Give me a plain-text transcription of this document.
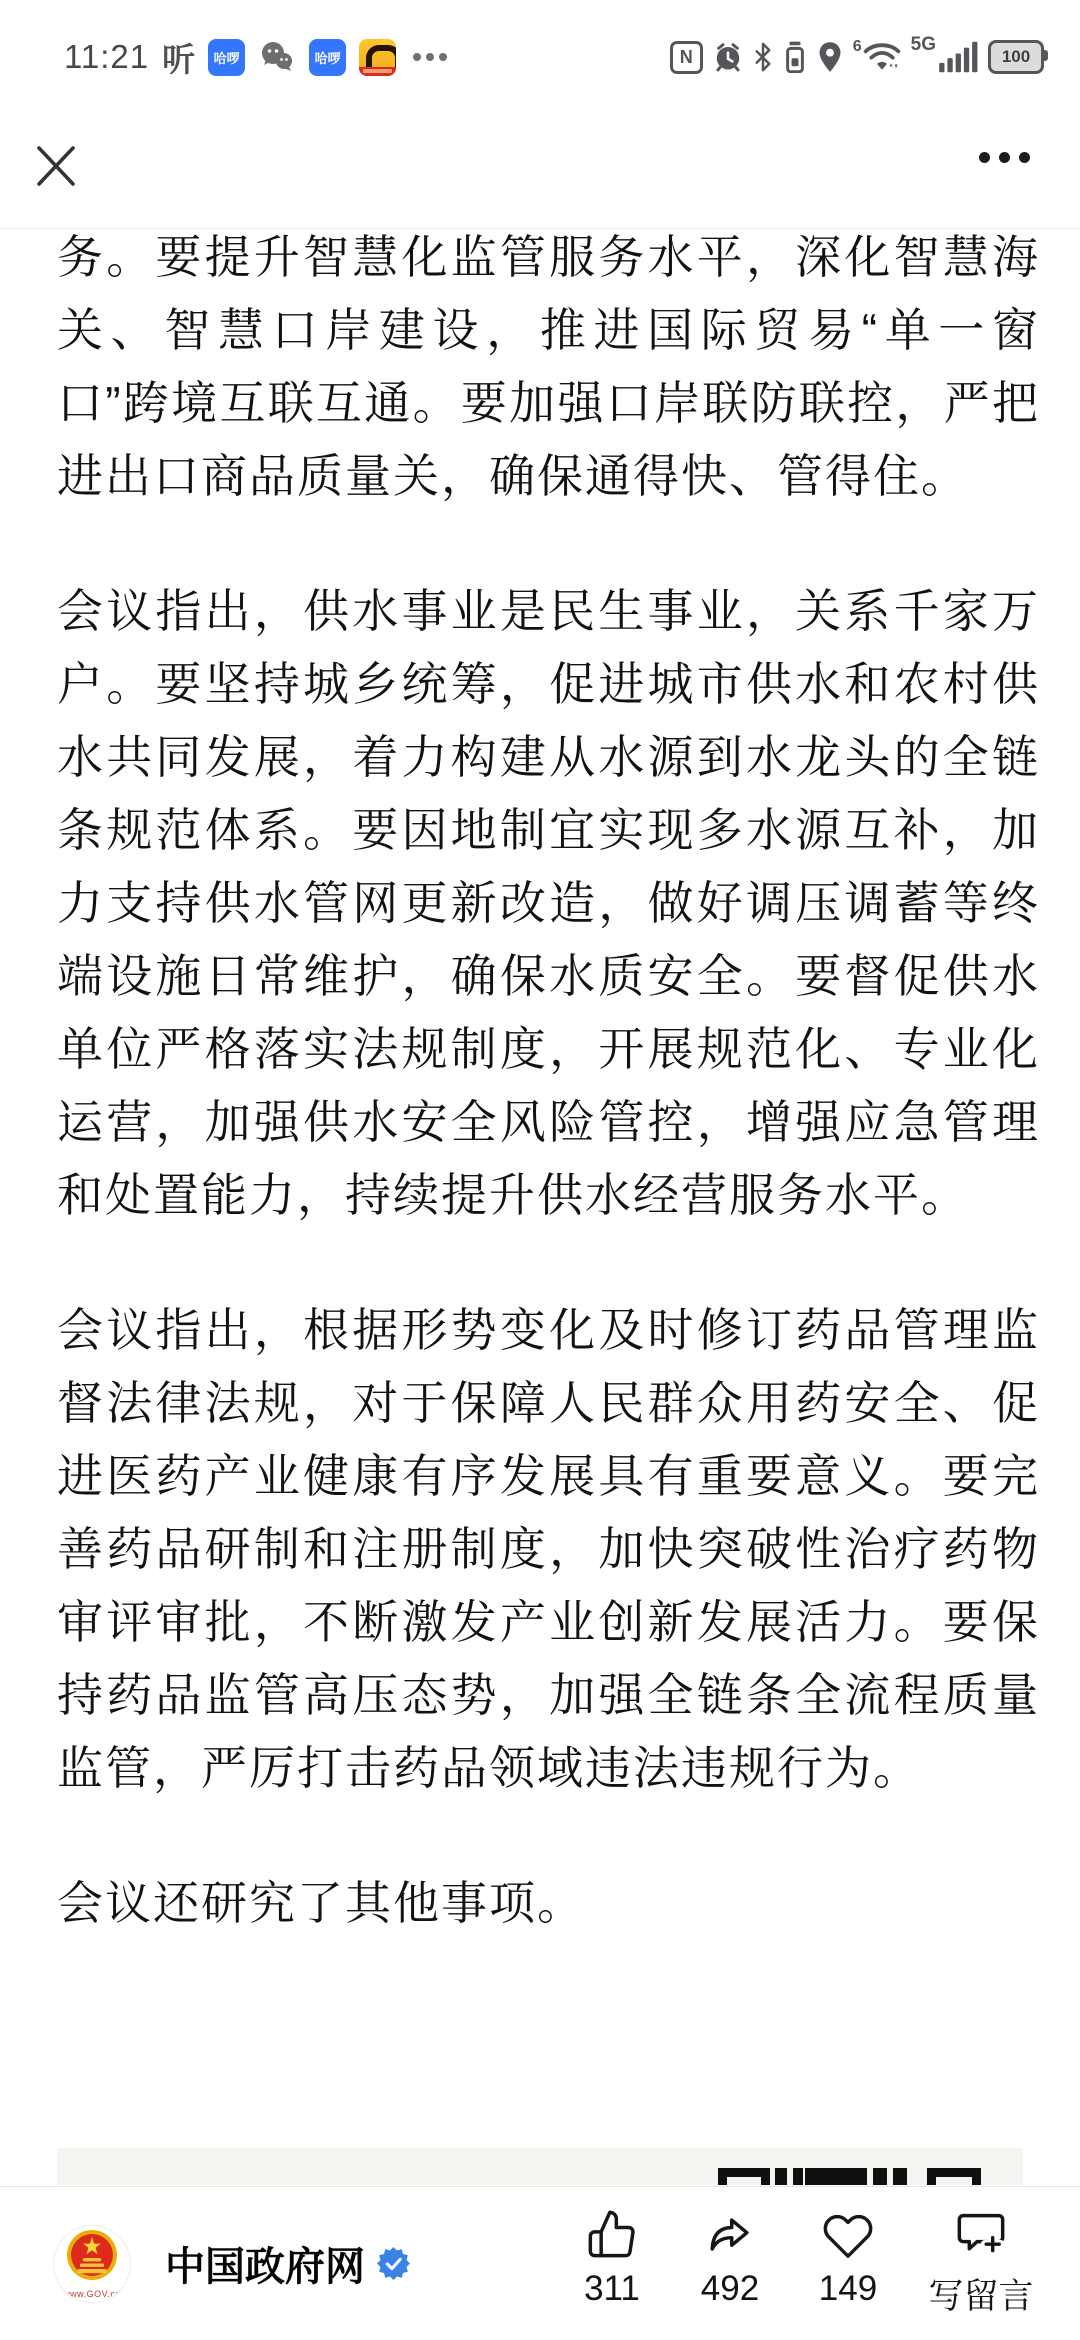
11:21 听	哈啰	哈啰	N	6	5G
100

务。要提升智慧化监管服务水平，深化智慧海关、智慧口岸建设，推进国际贸易“单一窗口”跨境互联互通。要加强口岸联防联控，严把进出口商品质量关，确保通得快、管得住。

会议指出，供水事业是民生事业，关系千家万户。要坚持城乡统筹，促进城市供水和农村供水共同发展，着力构建从水源到水龙头的全链条规范体系。要因地制宜实现多水源互补，加力支持供水管网更新改造，做好调压调蓄等终端设施日常维护，确保水质安全。要督促供水单位严格落实法规制度，开展规范化、专业化运营，加强供水安全风险管控，增强应急管理和处置能力，持续提升供水经营服务水平。

会议指出，根据形势变化及时修订药品管理监督法律法规，对于保障人民群众用药安全、促进医药产业健康有序发展具有重要意义。要完善药品研制和注册制度，加快突破性治疗药物审评审批，不断激发产业创新发展活力。要保持药品监管高压态势，加强全链条全流程质量监管，严厉打击药品领域违法违规行为。

会议还研究了其他事项。

www.GOV.cn
中国政府网	311 492 149 写留言
